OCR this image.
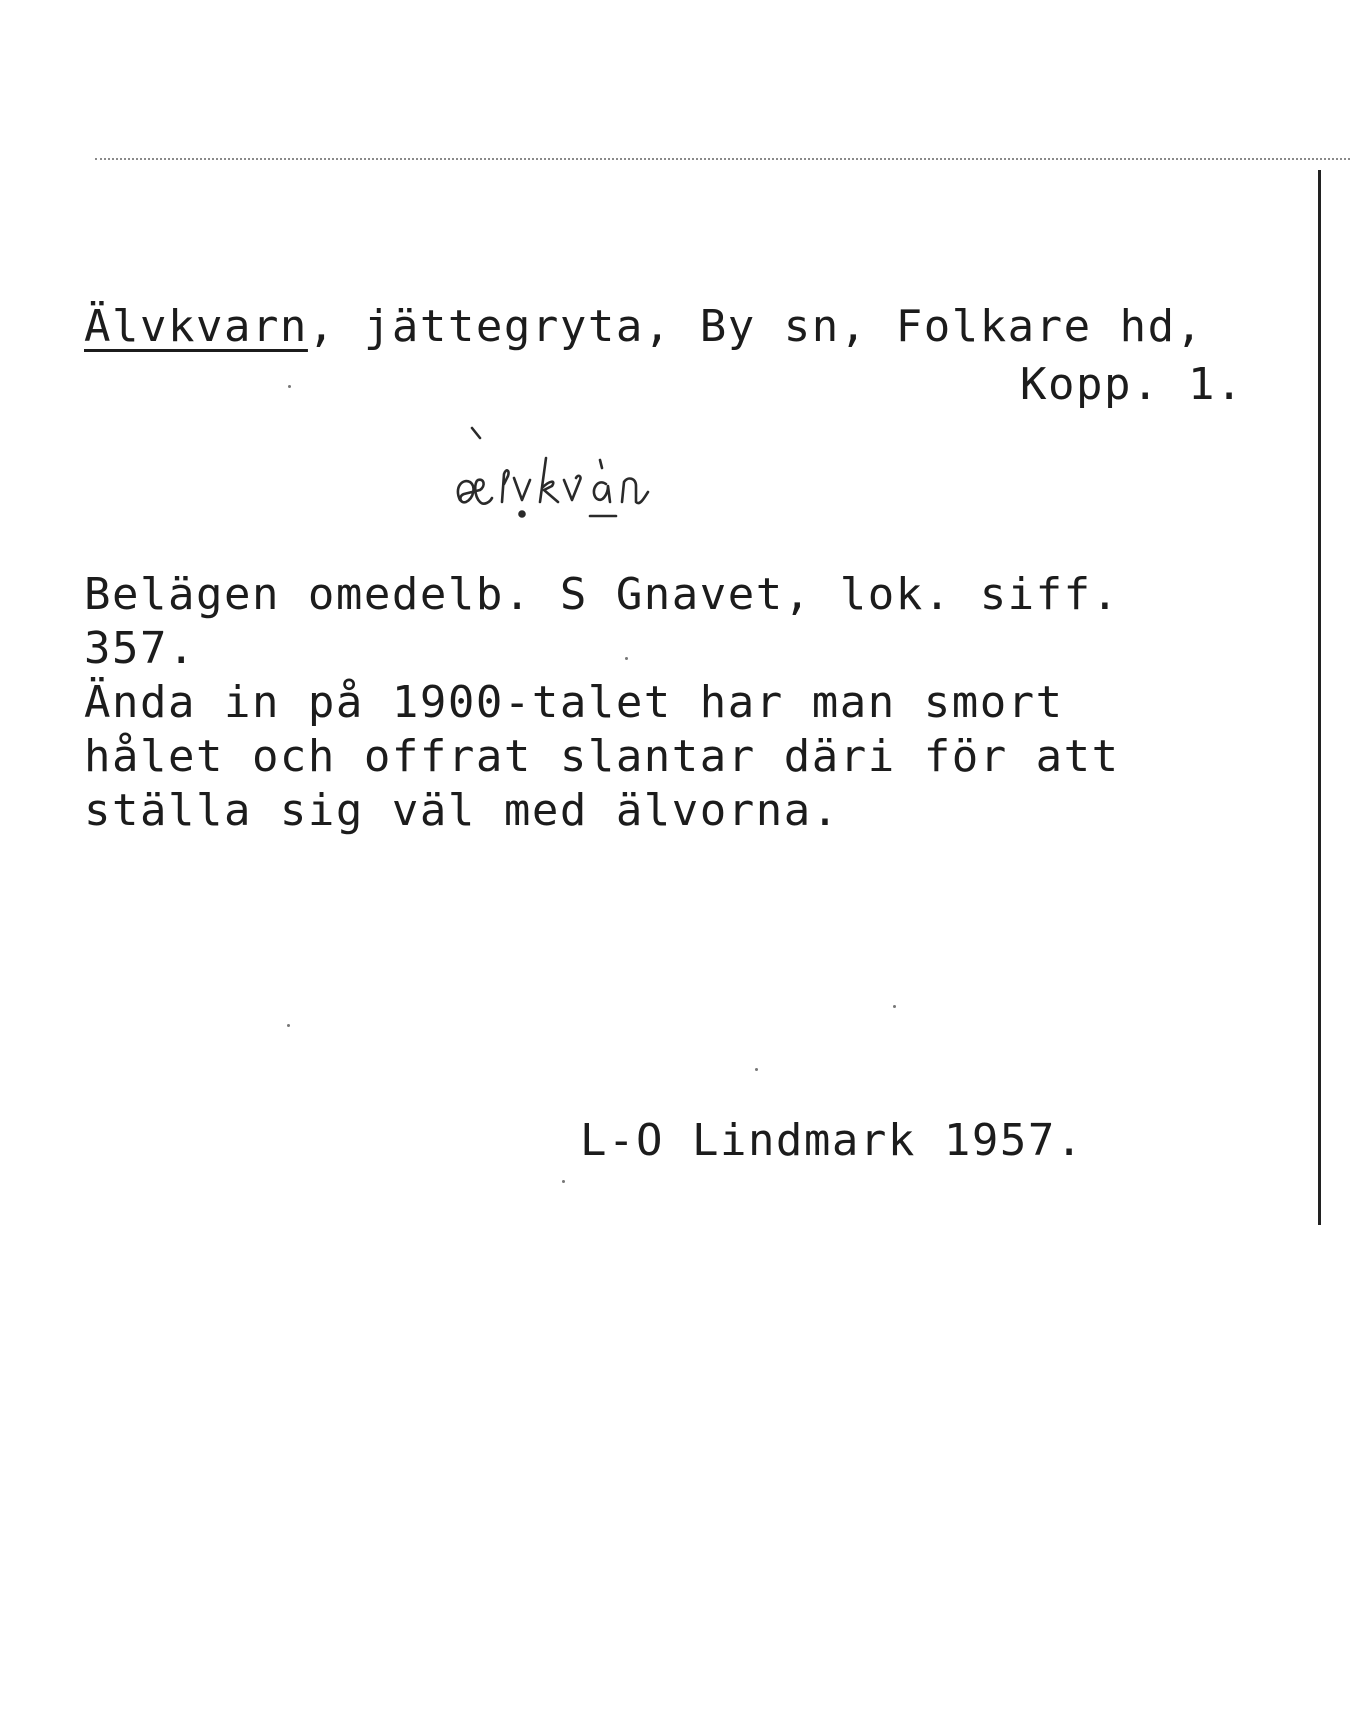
Älvkvarn, jättegryta, By sn, Folkare hd,
Kopp. 1.
Belägen omedelb. S Gnavet, lok. siff.
357.
Ända in på 1900-talet har man smort
hålet och offrat slantar däri för att
ställa sig väl med älvorna.
L-O Lindmark 1957.
